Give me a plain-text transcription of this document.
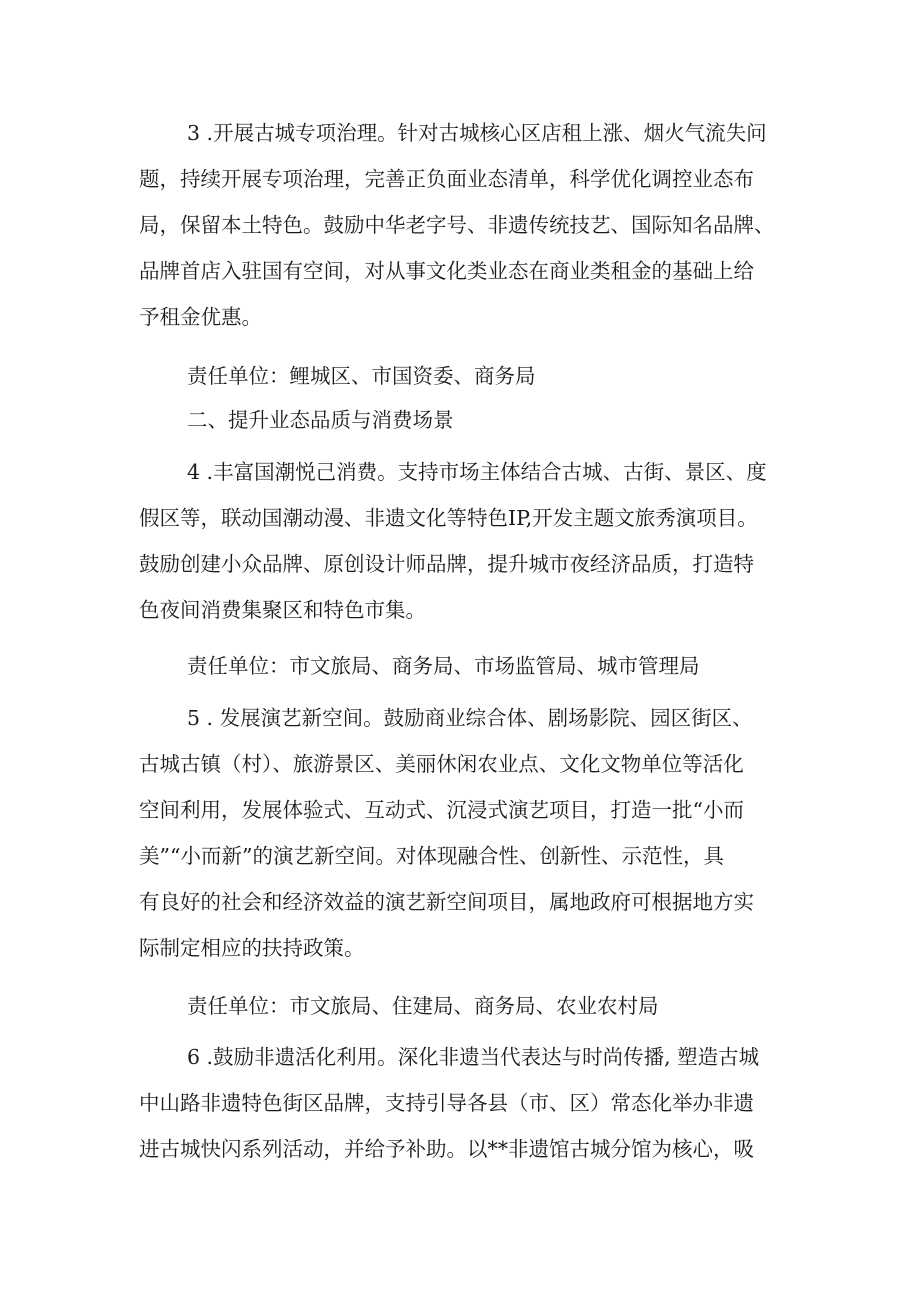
3 .开展古城专项治理。针对古城核心区店租上涨、烟火气流失问
题，持续开展专项治理，完善正负面业态清单，科学优化调控业态布
局，保留本土特色。鼓励中华老字号、非遗传统技艺、国际知名品牌、
品牌首店入驻国有空间，对从事文化类业态在商业类租金的基础上给
予租金优惠。
责任单位：鲤城区、市国资委、商务局
二、提升业态品质与消费场景
4 .丰富国潮悦己消费。支持市场主体结合古城、古街、景区、度
假区等，联动国潮动漫、非遗文化等特色IP,开发主题文旅秀演项目。
鼓励创建小众品牌、原创设计师品牌，提升城市夜经济品质，打造特
色夜间消费集聚区和特色市集。
责任单位：市文旅局、商务局、市场监管局、城市管理局
5 . 发展演艺新空间。鼓励商业综合体、剧场影院、园区街区、
古城古镇（村）、旅游景区、美丽休闲农业点、文化文物单位等活化
空间利用，发展体验式、互动式、沉浸式演艺项目，打造一批“小而
美”“小而新”的演艺新空间。对体现融合性、创新性、示范性，具
有良好的社会和经济效益的演艺新空间项目，属地政府可根据地方实
际制定相应的扶持政策。
责任单位：市文旅局、住建局、商务局、农业农村局
6 .鼓励非遗活化利用。深化非遗当代表达与时尚传播, 塑造古城
中山路非遗特色街区品牌，支持引导各县（市、区）常态化举办非遗
进古城快闪系列活动，并给予补助。以**非遗馆古城分馆为核心，吸
